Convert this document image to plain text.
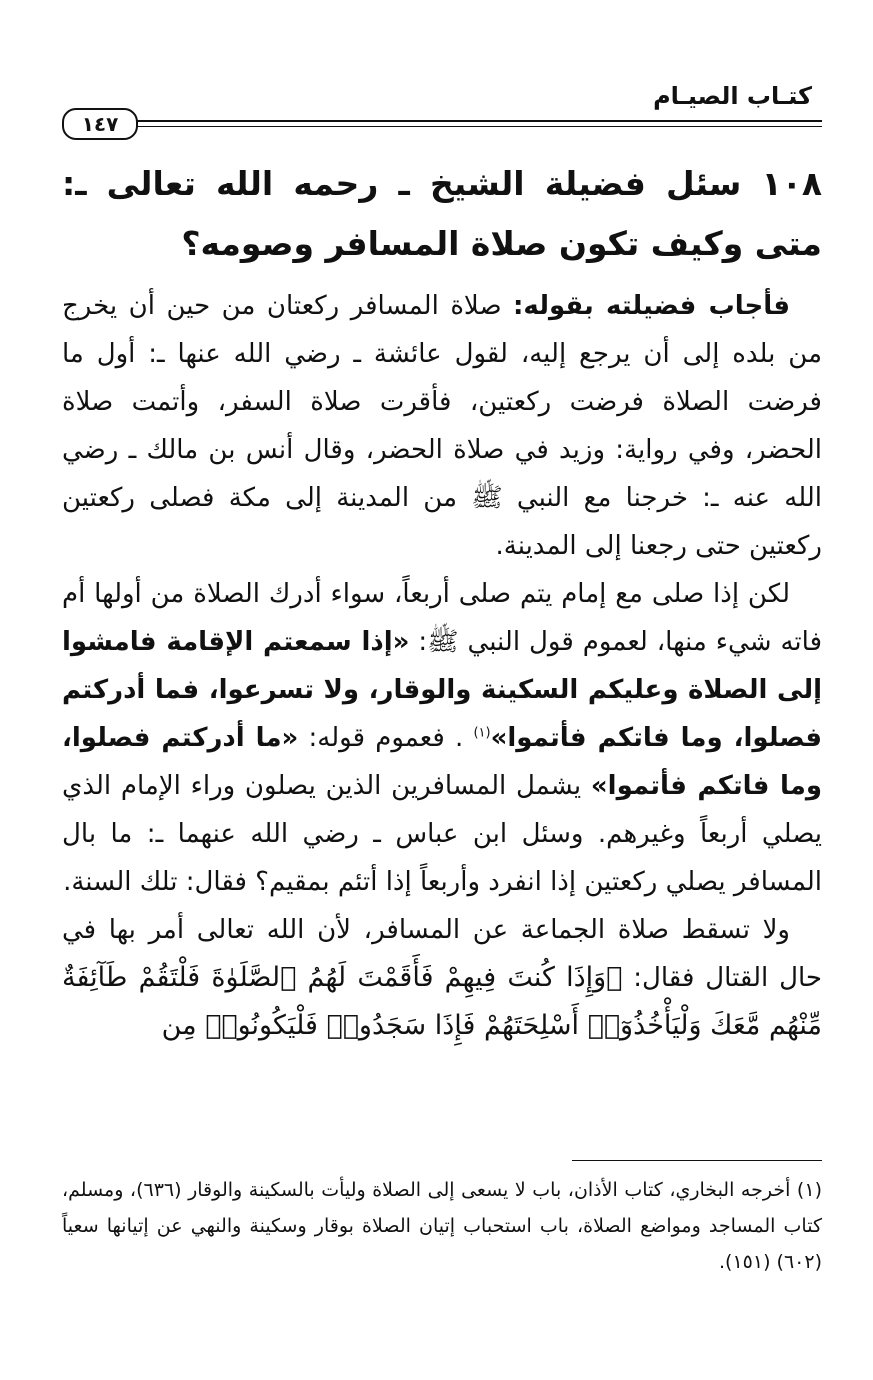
كتـاب الصيـام
١٤٧

١٠٨ سئل فضيلة الشيخ ـ رحمه الله تعالى ـ: متى وكيف تكون صلاة المسافر وصومه؟

فأجاب فضيلته بقوله: صلاة المسافر ركعتان من حين أن يخرج من بلده إلى أن يرجع إليه، لقول عائشة ـ رضي الله عنها ـ: أول ما فرضت الصلاة فرضت ركعتين، فأقرت صلاة السفر، وأتمت صلاة الحضر، وفي رواية: وزيد في صلاة الحضر، وقال أنس بن مالك ـ رضي الله عنه ـ: خرجنا مع النبي ﷺ من المدينة إلى مكة فصلى ركعتين ركعتين حتى رجعنا إلى المدينة.

لكن إذا صلى مع إمام يتم صلى أربعاً، سواء أدرك الصلاة من أولها أم فاته شيء منها، لعموم قول النبي ﷺ: «إذا سمعتم الإقامة فامشوا إلى الصلاة وعليكم السكينة والوقار، ولا تسرعوا، فما أدركتم فصلوا، وما فاتكم فأتموا»$^{(١)}$ . فعموم قوله: «ما أدركتم فصلوا، وما فاتكم فأتموا» يشمل المسافرين الذين يصلون وراء الإمام الذي يصلي أربعاً وغيرهم. وسئل ابن عباس ـ رضي الله عنهما ـ: ما بال المسافر يصلي ركعتين إذا انفرد وأربعاً إذا أتئم بمقيم؟ فقال: تلك السنة.

ولا تسقط صلاة الجماعة عن المسافر، لأن الله تعالى أمر بها في حال القتال فقال: ﴿وَإِذَا كُنتَ فِيهِمْ فَأَقَمْتَ لَهُمُ ٱلصَّلَوٰةَ فَلْتَقُمْ طَآئِفَةٌ مِّنْهُم مَّعَكَ وَلْيَأْخُذُوٓا۟ أَسْلِحَتَهُمْ فَإِذَا سَجَدُوا۟ فَلْيَكُونُوا۟ مِن

(١) أخرجه البخاري، كتاب الأذان، باب لا يسعى إلى الصلاة وليأت بالسكينة والوقار (٦٣٦)، ومسلم، كتاب المساجد ومواضع الصلاة، باب استحباب إتيان الصلاة بوقار وسكينة والنهي عن إتيانها سعياً (٦٠٢) (١٥١).
